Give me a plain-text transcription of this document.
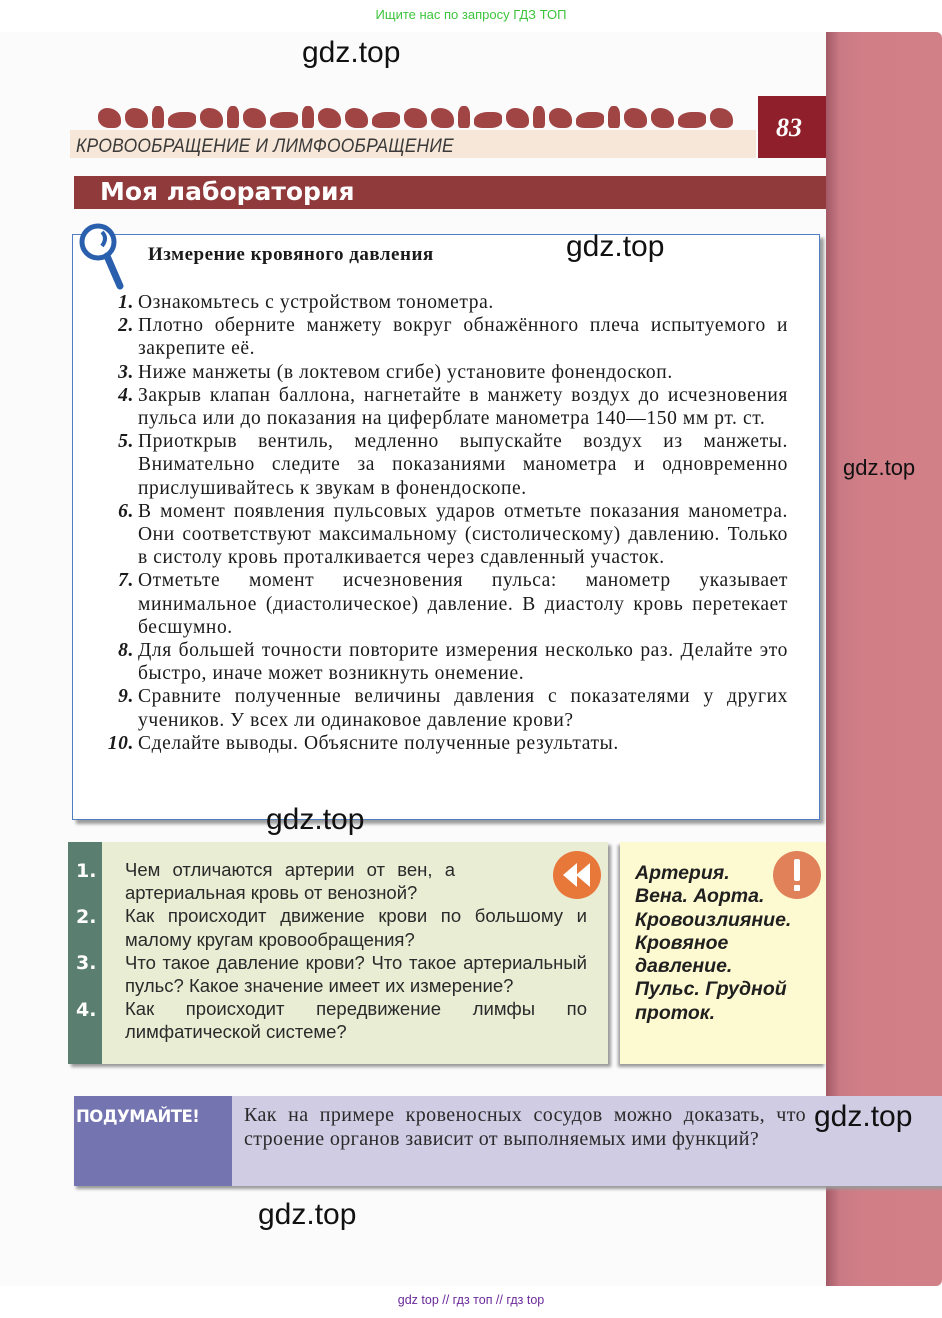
Ищите нас по запросу ГДЗ ТОП
gdz.top
КРОВООБРАЩЕНИЕ И ЛИМФООБРАЩЕНИЕ
83
Моя лаборатория
Измерение кровяного давления	gdz.top
1. Ознакомьтесь с устройством тонометра.
2. Плотно оберните манжету вокруг обнажённого плеча испытуемого и закрепите её.
3. Ниже манжеты (в локтевом сгибе) установите фонендоскоп.
4. Закрыв клапан баллона, нагнетайте в манжету воздух до исчезновения пульса или до показания на циферблате манометра 140—150 мм рт. ст.
5. Приоткрыв вентиль, медленно выпускайте воздух из манжеты. Внимательно следите за показаниями манометра и одновременно прислушивайтесь к звукам в фонендоскопе.
6. В момент появления пульсовых ударов отметьте показания манометра. Они соответствуют максимальному (систолическому) давлению. Только в систолу кровь проталкивается через сдавленный участок.
7. Отметьте момент исчезновения пульса: манометр указывает минимальное (диастолическое) давление. В диастолу кровь перетекает бесшумно.
8. Для большей точности повторите измерения несколько раз. Делайте это быстро, иначе может возникнуть онемение.
9. Сравните полученные величины давления с показателями у других учеников. У всех ли одинаковое давление крови?
10. Сделайте выводы. Объясните полученные результаты.
gdz.top
gdz.top
1.
2.
3.
4.
Чем отличаются артерии от вен, а артериальная кровь от венозной?
Как происходит движение крови по большому и малому кругам кровообращения?
Что такое давление крови? Что такое артериальный пульс? Какое значение имеет их измерение?
Как происходит передвижение лимфы по лимфатической системе?
Артерия.
Вена. Аорта.
Кровоизлияние.
Кровяное
давление.
Пульс. Грудной
проток.
ПОДУМАЙТЕ! Как на примере кровеносных сосудов можно доказать, что строение органов зависит от выполняемых ими функций?
gdz.top
gdz.top
gdz top // гдз топ // гдз top
